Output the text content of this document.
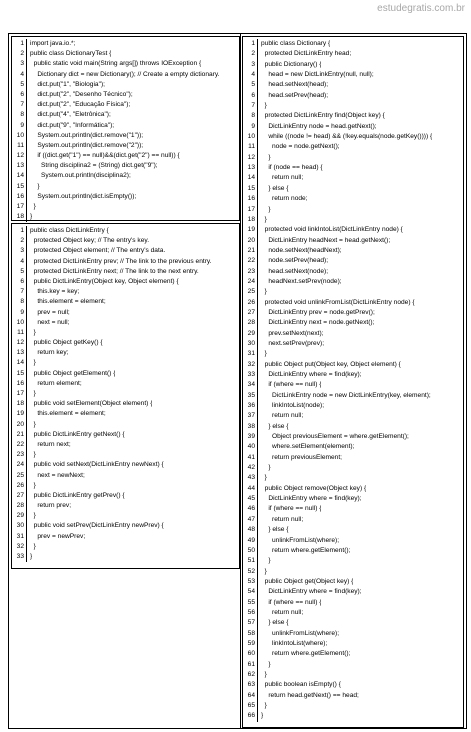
estudegratis.com.br
1 import java.io.*;
2 public class DictionaryTest {
3 public static void main(String args[]) throws IOException {
4 Dictionary dict = new Dictionary(); // Create a empty dictionary.
5 dict.put("1", "Biologia");
6 dict.put("2", "Desenho Técnico");
7 dict.put("2", "Educação Física");
8 dict.put("4", "Eletrônica");
9 dict.put("9", "Informática");
10 System.out.println(dict.remove("1"));
11 System.out.println(dict.remove("2"));
12 if ((dict.get("1") == null)&&(dict.get("2") == null)) {
13 String disciplina2 = (String) dict.get("9");
14 System.out.println(disciplina2);
15 }
16 System.out.println(dict.isEmpty());
17 }
18 }
1 public class DictLinkEntry {
2 protected Object key; // The entry's key.
3 protected Object element; // The entry's data.
4 protected DictLinkEntry prev; // The link to the previous entry.
5 protected DictLinkEntry next; // The link to the next entry.
6 public DictLinkEntry(Object key, Object element) {
7 this.key = key;
8 this.element = element;
9 prev = null;
10 next = null;
11 }
12 public Object getKey() {
13 return key;
14 }
15 public Object getElement() {
16 return element;
17 }
18 public void setElement(Object element) {
19 this.element = element;
20 }
21 public DictLinkEntry getNext() {
22 return next;
23 }
24 public void setNext(DictLinkEntry newNext) {
25 next = newNext;
26 }
27 public DictLinkEntry getPrev() {
28 return prev;
29 }
30 public void setPrev(DictLinkEntry newPrev) {
31 prev = newPrev;
32 }
33 }
1 public class Dictionary {
2 protected DictLinkEntry head;
3 public Dictionary() {
4 head = new DictLinkEntry(null, null);
5 head.setNext(head);
6 head.setPrev(head);
7 }
8 protected DictLinkEntry find(Object key) {
9 DictLinkEntry node = head.getNext();
10 while ((node != head) && (!key.equals(node.getKey()))) {
11 node = node.getNext();
12 }
13 if (node == head) {
14 return null;
15 } else {
16 return node;
17 }
18 }
19 protected void linkIntoList(DictLinkEntry node) {
20 DictLinkEntry headNext = head.getNext();
21 node.setNext(headNext);
22 node.setPrev(head);
23 head.setNext(node);
24 headNext.setPrev(node);
25 }
26 protected void unlinkFromList(DictLinkEntry node) {
27 DictLinkEntry prev = node.getPrev();
28 DictLinkEntry next = node.getNext();
29 prev.setNext(next);
30 next.setPrev(prev);
31 }
32 public Object put(Object key, Object element) {
33 DictLinkEntry where = find(key);
34 if (where == null) {
35 DictLinkEntry node = new DictLinkEntry(key, element);
36 linkIntoList(node);
37 return null;
38 } else {
39 Object previousElement = where.getElement();
40 where.setElement(element);
41 return previousElement;
42 }
43 }
44 public Object remove(Object key) {
45 DictLinkEntry where = find(key);
46 if (where == null) {
47 return null;
48 } else {
49 unlinkFromList(where);
50 return where.getElement();
51 }
52 }
53 public Object get(Object key) {
54 DictLinkEntry where = find(key);
55 if (where == null) {
56 return null;
57 } else {
58 unlinkFromList(where);
59 linkIntoList(where);
60 return where.getElement();
61 }
62 }
63 public boolean isEmpty() {
64 return head.getNext() == head;
65 }
66 }
